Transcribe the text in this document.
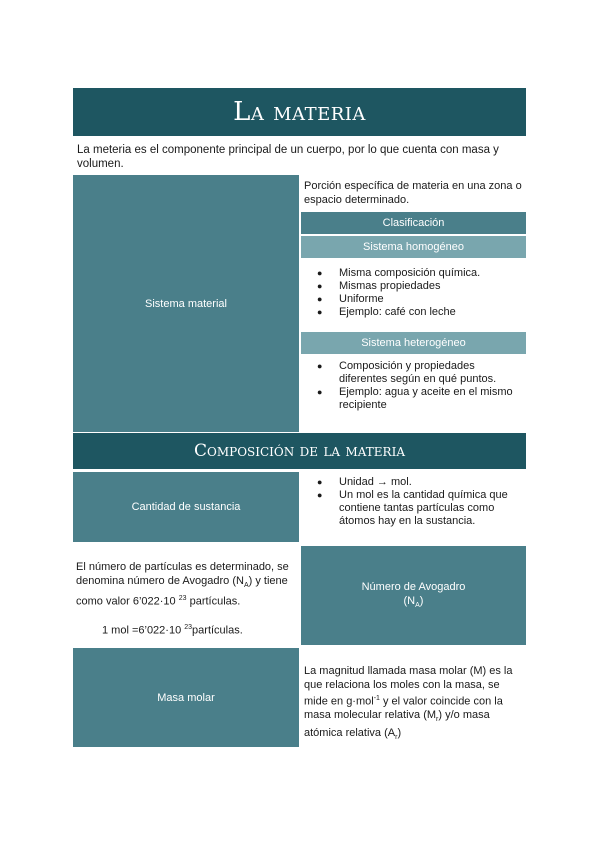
La materia
La meteria es el componente principal de un cuerpo, por lo que cuenta con masa y volumen.
Sistema material
Porción específica de materia en una zona o espacio determinado.
Clasificación
Sistema homogéneo
● Misma composición química.
● Mismas propiedades
● Uniforme
● Ejemplo: café con leche
Sistema heterogéneo
● Composición y propiedades diferentes según en qué puntos.
● Ejemplo: agua y aceite en el mismo recipiente
Composición de la materia
Cantidad de sustancia
● Unidad → mol.
● Un mol es la cantidad química que contiene tantas partículas como átomos hay en la sustancia.
El número de partículas es determinado, se denomina número de Avogadro $(N_A)$ y tiene como valor 6’022·10 $^{23}$ partículas.
1 mol =6’022·10 $^{23}$partículas.
Número de Avogadro
$(N_A)$
Masa molar
La magnitud llamada masa molar (M) es la que relaciona los moles con la masa, se mide en g·mol$^{-1}$ y el valor coincide con la masa molecular relativa $(M_r)$ y/o masa atómica relativa $(A_r)$
